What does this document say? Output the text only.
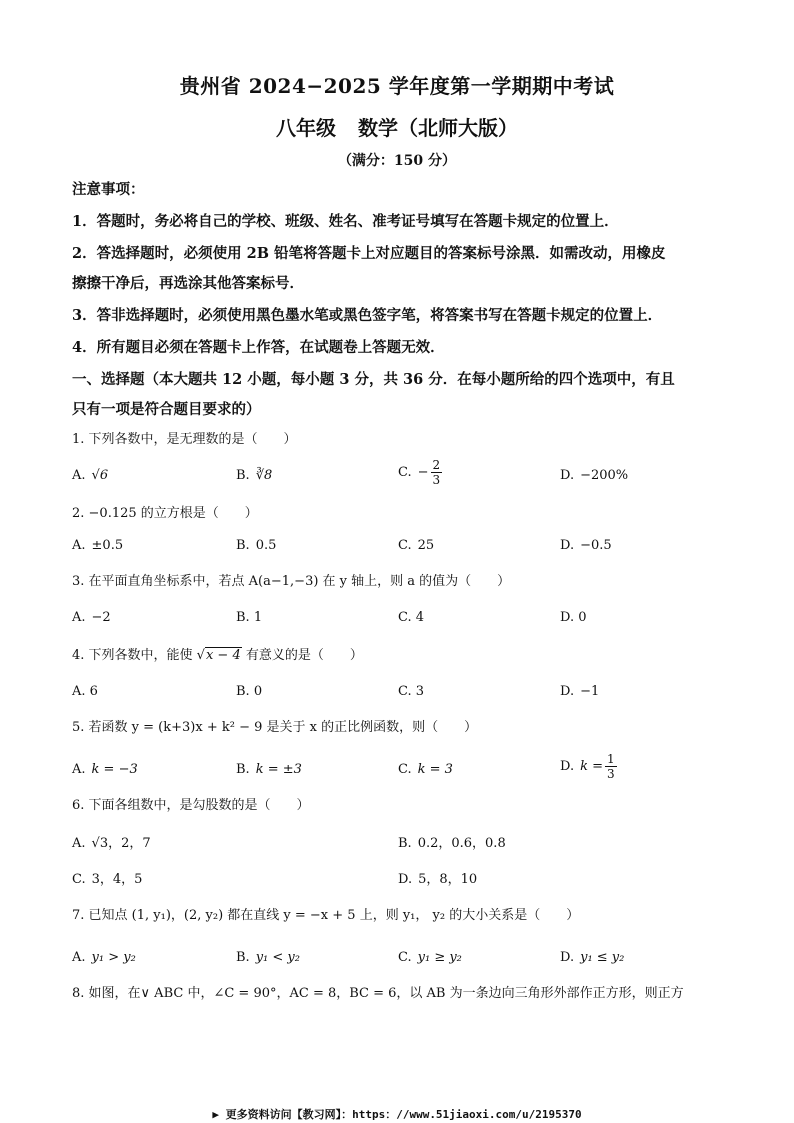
贵州省 2024−2025 学年度第一学期期中考试
八年级 数学（北师大版）
（满分：150 分）
注意事项：
1．答题时，务必将自己的学校、班级、姓名、准考证号填写在答题卡规定的位置上．
2．答选择题时，必须使用 2B 铅笔将答题卡上对应题目的答案标号涂黑．如需改动，用橡皮
擦擦干净后，再选涂其他答案标号．
3．答非选择题时，必须使用黑色墨水笔或黑色签字笔，将答案书写在答题卡规定的位置上．
4．所有题目必须在答题卡上作答，在试题卷上答题无效．
一、选择题（本大题共 12 小题，每小题 3 分，共 36 分．在每小题所给的四个选项中，有且
只有一项是符合题目要求的）
1. 下列各数中，是无理数的是（　　）
A. √6	B. ∛8	C. − $\frac{2}{3}$	D. −200%
2. −0.125 的立方根是（　　）
A. ±0.5	B. 0.5	C. 25	D. −0.5
3. 在平面直角坐标系中，若点 A(a−1,−3) 在 y 轴上，则 a 的值为（　　）
A. −2	B. 1	C. 4	D. 0
4. 下列各数中，能使 √x − 4 有意义的是（　　）
A. 6	B. 0	C. 3	D. −1
5. 若函数 y = (k+3)x + k² − 9 是关于 x 的正比例函数，则（　　）
A. k = −3	B. k = ±3	C. k = 3	D. $k = \frac{1}{3}$
6. 下面各组数中，是勾股数的是（　　）
A. √3，2，7	B. 0.2，0.6，0.8
C. 3，4，5	D. 5，8，10
7. 已知点 (1, y₁)，(2, y₂) 都在直线 y = −x + 5 上，则 y₁， y₂ 的大小关系是（　　）
A. y₁ > y₂	B. y₁ < y₂	C. y₁ ≥ y₂	D. y₁ ≤ y₂
8. 如图，在∨ ABC 中，∠C = 90°，AC = 8，BC = 6，以 AB 为一条边向三角形外部作正方形，则正方
▶ 更多资料访问【教习网】：https：//www.51jiaoxi.com/u/2195370
